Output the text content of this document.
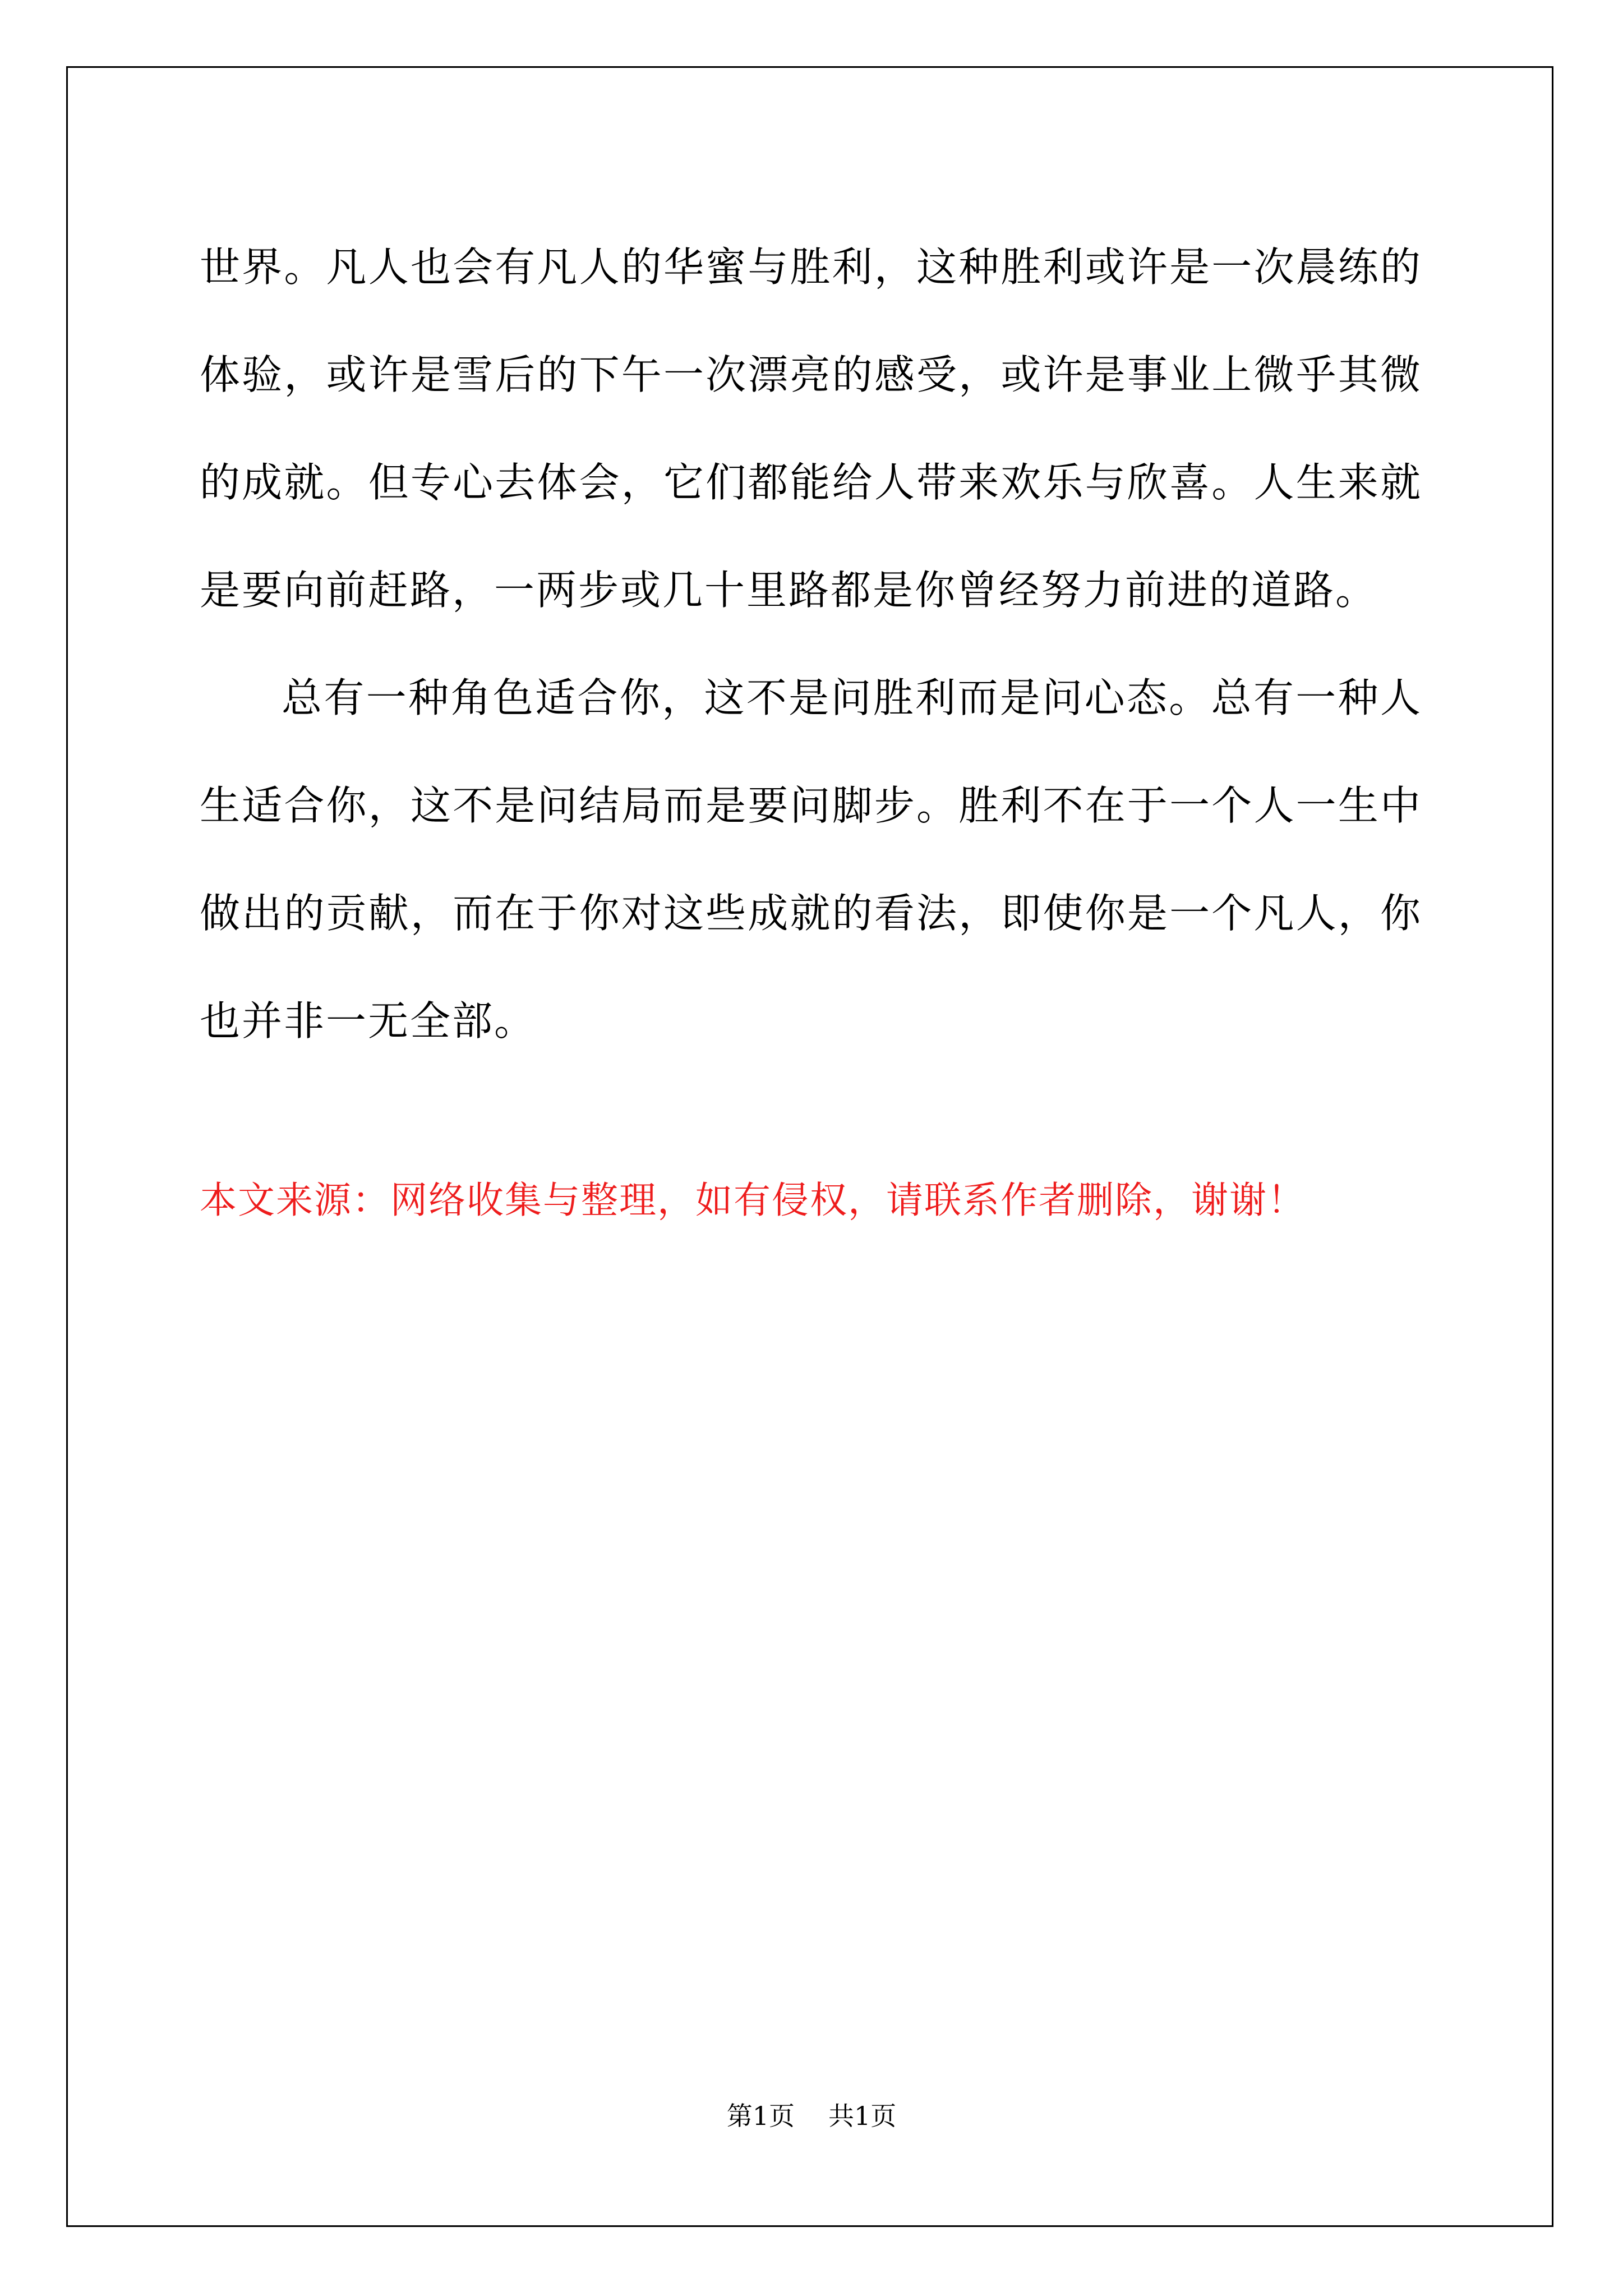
世界。凡人也会有凡人的华蜜与胜利，这种胜利或许是一次晨练的体验，或许是雪后的下午一次漂亮的感受，或许是事业上微乎其微的成就。但专心去体会，它们都能给人带来欢乐与欣喜。人生来就是要向前赶路，一两步或几十里路都是你曾经努力前进的道路。

总有一种角色适合你，这不是问胜利而是问心态。总有一种人生适合你，这不是问结局而是要问脚步。胜利不在于一个人一生中做出的贡献，而在于你对这些成就的看法，即使你是一个凡人，你也并非一无全部。

本文来源：网络收集与整理，如有侵权，请联系作者删除，谢谢！

第1页 共1页
